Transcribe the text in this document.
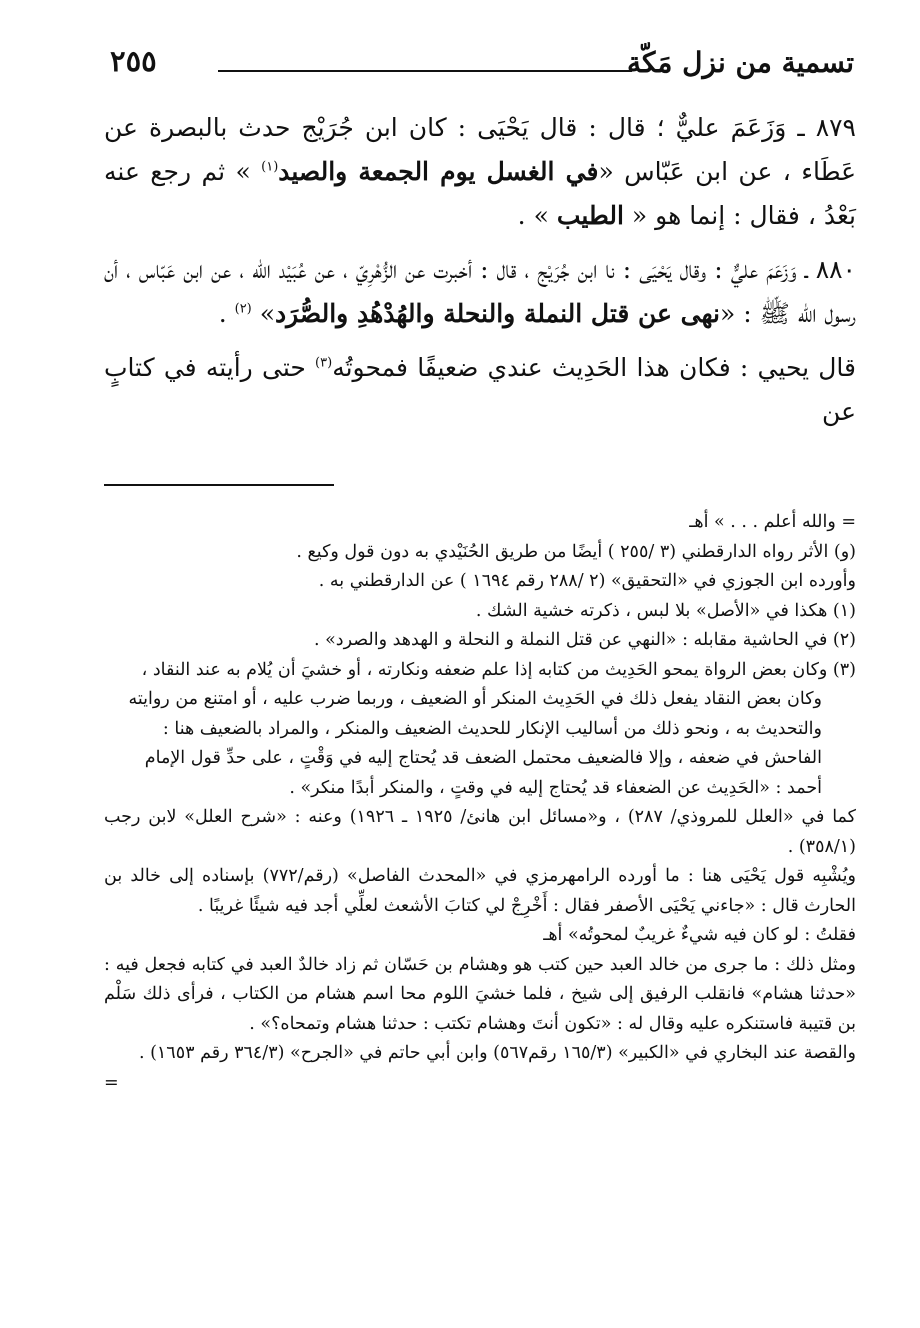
تسمية من نزل مَكّة
٢٥٥

٨٧٩ ـ وَزَعَمَ عليٌّ ؛ قال : قال يَحْيَى : كان ابن جُرَيْج حدث بالبصرة عن عَطَاء ، عن ابن عَبّاس «في الغسل يوم الجمعة والصيد$^{(١)}$ » ثم رجع عنه بَعْدُ ، فقال : إنما هو « الطيب » .

٨٨٠ ـ وَزَعَمَ عليٌّ : وقال يَحْيَى : نا ابن جُرَيْج ، قال : أخبرت عن الزُّهْرِيّ ، عن عُبَيْد الله ، عن ابن عَبّاس ، أن رسول الله ﷺ : «نهى عن قتل النملة والنحلة والهُدْهُدِ والصُّرَد» $^{(٢)}$ .

قال يحيي : فكان هذا الحَدِيث عندي ضعيفًا فمحوتُه$^{(٣)}$ حتى رأيته في كتابٍ عن

= والله أعلم . . . » أهـ

(و) الأثر رواه الدارقطني (٣ /٢٥٥ ) أيضًا من طريق الحُنَيْدي به دون قول وكيع .

وأورده ابن الجوزي في «التحقيق» (٢ /٢٨٨ رقم ١٦٩٤ ) عن الدارقطني به .

(١) هكذا في «الأصل» بلا لبس ، ذكرته خشية الشك .

(٢) في الحاشية مقابله : «النهي عن قتل النملة و النحلة و الهدهد والصرد» .

(٣) وكان بعض الرواة يمحو الحَدِيث من كتابه إذا علم ضعفه ونكارته ، أو خشيَ أن يُلام به عند النقاد ،

وكان بعض النقاد يفعل ذلك في الحَدِيث المنكر أو الضعيف ، وربما ضرب عليه ، أو امتنع من روايته

والتحديث به ، ونحو ذلك من أساليب الإنكار للحديث الضعيف والمنكر ، والمراد بالضعيف هنا :

الفاحش في ضعفه ، وإلا فالضعيف محتمل الضعف قد يُحتاج إليه في وَقْتٍ ، على حدِّ قول الإمام

أحمد : «الحَدِيث عن الضعفاء قد يُحتاج إليه في وقتٍ ، والمنكر أبدًا منكر» .

كما في «العلل للمروذي/ ٢٨٧) ، و«مسائل ابن هانئ/ ١٩٢٥ ـ ١٩٢٦) وعنه : «شرح العلل» لابن رجب (٣٥٨/١) .

ويُشْبِه قول يَحْيَى هنا : ما أورده الرامهرمزي في «المحدث الفاصل» (رقم/٧٧٢) بإسناده إلى خالد بن الحارث قال : «جاءني يَحْيَى الأصفر فقال : أَخْرِجْ لي كتابَ الأشعث لعلِّي أجد فيه شيئًا غريبًا .

فقلتُ : لو كان فيه شيءٌ غريبٌ لمحوتُه» أهـ

ومثل ذلك : ما جرى من خالد العبد حين كتب هو وهشام بن حَسّان ثم زاد خالدٌ العبد في كتابه فجعل فيه : «حدثنا هشام» فانقلب الرفيق إلى شيخ ، فلما خشيَ اللوم محا اسم هشام من الكتاب ، فرأى ذلك سَلْم بن قتيبة فاستنكره عليه وقال له : «تكون أنتَ وهشام تكتب : حدثنا هشام وتمحاه؟» .

والقصة عند البخاري في «الكبير» (١٦٥/٣ رقم٥٦٧) وابن أبي حاتم في «الجرح» (٣٦٤/٣ رقم ١٦٥٣) .

=
